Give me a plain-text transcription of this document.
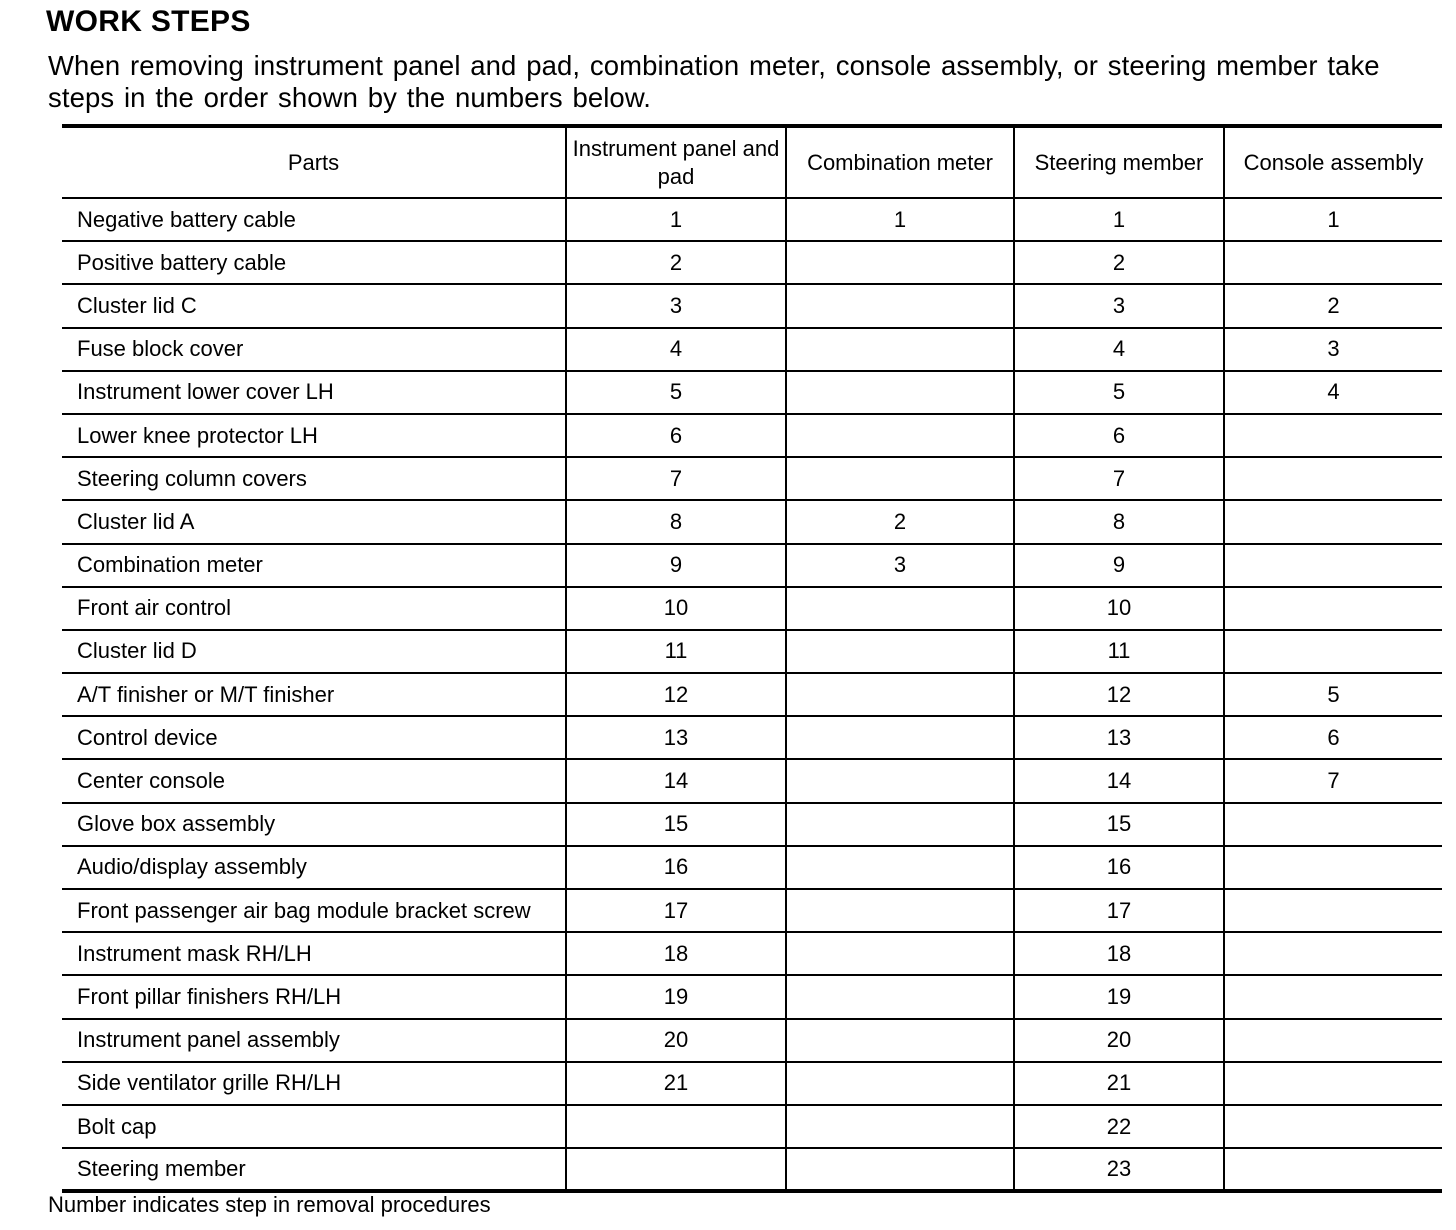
WORK STEPS
When removing instrument panel and pad, combination meter, console assembly, or steering member take
steps in the order shown by the numbers below.
Parts	Instrument panel and pad	Combination meter	Steering member	Console assembly
Negative battery cable	1	1	1	1
Positive battery cable	2		2	
Cluster lid C	3		3	2
Fuse block cover	4		4	3
Instrument lower cover LH	5		5	4
Lower knee protector LH	6		6	
Steering column covers	7		7	
Cluster lid A	8	2	8	
Combination meter	9	3	9	
Front air control	10		10	
Cluster lid D	11		11	
A/T finisher or M/T finisher	12		12	5
Control device	13		13	6
Center console	14		14	7
Glove box assembly	15		15	
Audio/display assembly	16		16	
Front passenger air bag module bracket screw	17		17	
Instrument mask RH/LH	18		18	
Front pillar finishers RH/LH	19		19	
Instrument panel assembly	20		20	
Side ventilator grille RH/LH	21		21	
Bolt cap			22	
Steering member			23	
Number indicates step in removal procedures
